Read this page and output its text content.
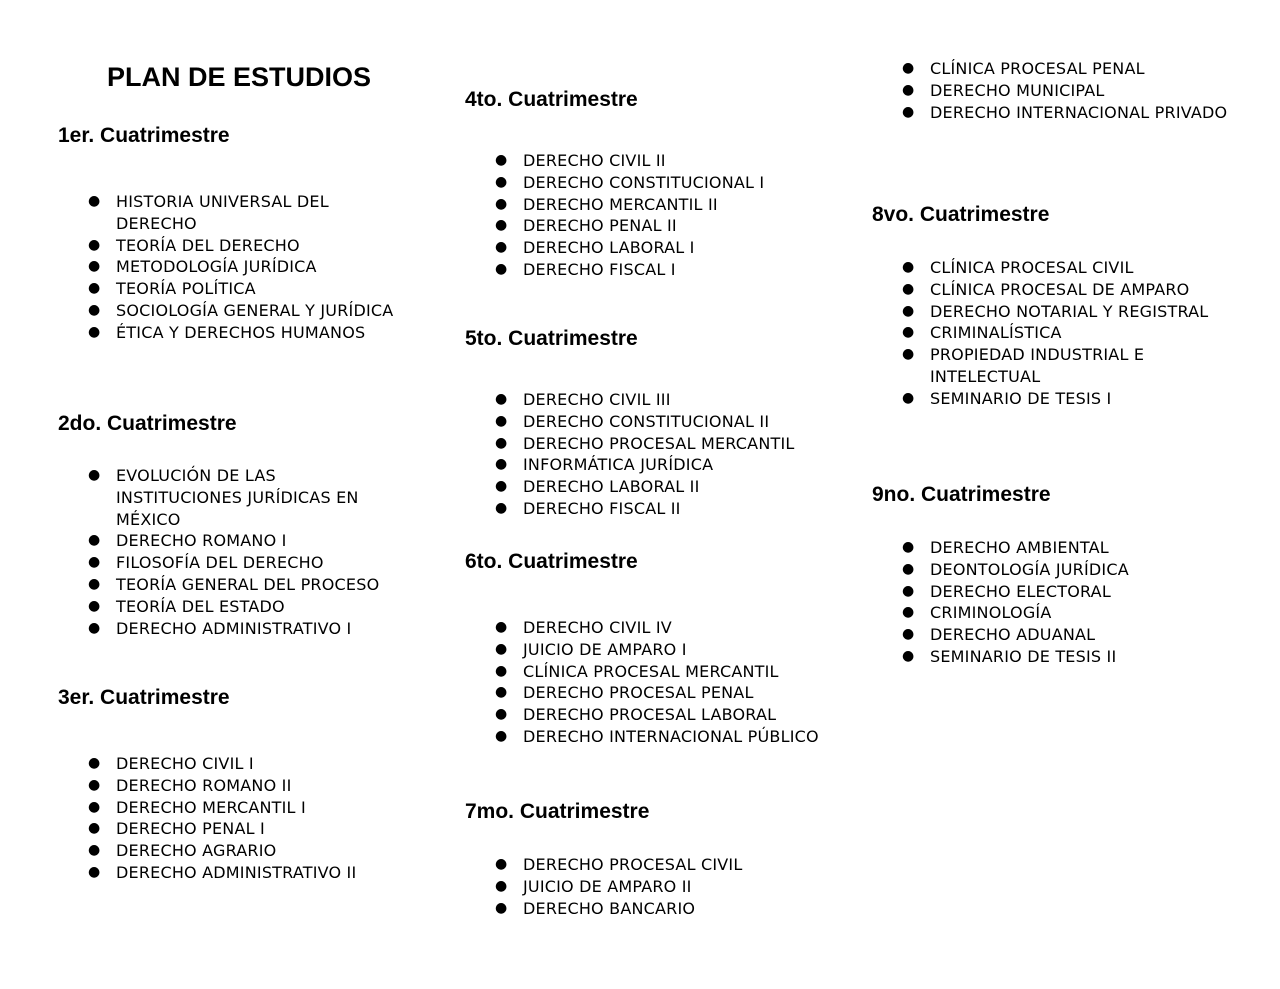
PLAN DE ESTUDIOS
1er. Cuatrimestre
● HISTORIA UNIVERSAL DEL DERECHO
● TEORÍA DEL DERECHO
● METODOLOGÍA JURÍDICA
● TEORÍA POLÍTICA
● SOCIOLOGÍA GENERAL Y JURÍDICA
● ÉTICA Y DERECHOS HUMANOS
2do. Cuatrimestre
● EVOLUCIÓN DE LAS INSTITUCIONES JURÍDICAS EN MÉXICO
● DERECHO ROMANO I
● FILOSOFÍA DEL DERECHO
● TEORÍA GENERAL DEL PROCESO
● TEORÍA DEL ESTADO
● DERECHO ADMINISTRATIVO I
3er. Cuatrimestre
● DERECHO CIVIL I
● DERECHO ROMANO II
● DERECHO MERCANTIL I
● DERECHO PENAL I
● DERECHO AGRARIO
● DERECHO ADMINISTRATIVO II
4to. Cuatrimestre
● DERECHO CIVIL II
● DERECHO CONSTITUCIONAL I
● DERECHO MERCANTIL II
● DERECHO PENAL II
● DERECHO LABORAL I
● DERECHO FISCAL I
5to. Cuatrimestre
● DERECHO CIVIL III
● DERECHO CONSTITUCIONAL II
● DERECHO PROCESAL MERCANTIL
● INFORMÁTICA JURÍDICA
● DERECHO LABORAL II
● DERECHO FISCAL II
6to. Cuatrimestre
● DERECHO CIVIL IV
● JUICIO DE AMPARO I
● CLÍNICA PROCESAL MERCANTIL
● DERECHO PROCESAL PENAL
● DERECHO PROCESAL LABORAL
● DERECHO INTERNACIONAL PÚBLICO
7mo. Cuatrimestre
● DERECHO PROCESAL CIVIL
● JUICIO DE AMPARO II
● DERECHO BANCARIO
● CLÍNICA PROCESAL PENAL
● DERECHO MUNICIPAL
● DERECHO INTERNACIONAL PRIVADO
8vo. Cuatrimestre
● CLÍNICA PROCESAL CIVIL
● CLÍNICA PROCESAL DE AMPARO
● DERECHO NOTARIAL Y REGISTRAL
● CRIMINALÍSTICA
● PROPIEDAD INDUSTRIAL E INTELECTUAL
● SEMINARIO DE TESIS I
9no. Cuatrimestre
● DERECHO AMBIENTAL
● DEONTOLOGÍA JURÍDICA
● DERECHO ELECTORAL
● CRIMINOLOGÍA
● DERECHO ADUANAL
● SEMINARIO DE TESIS II
